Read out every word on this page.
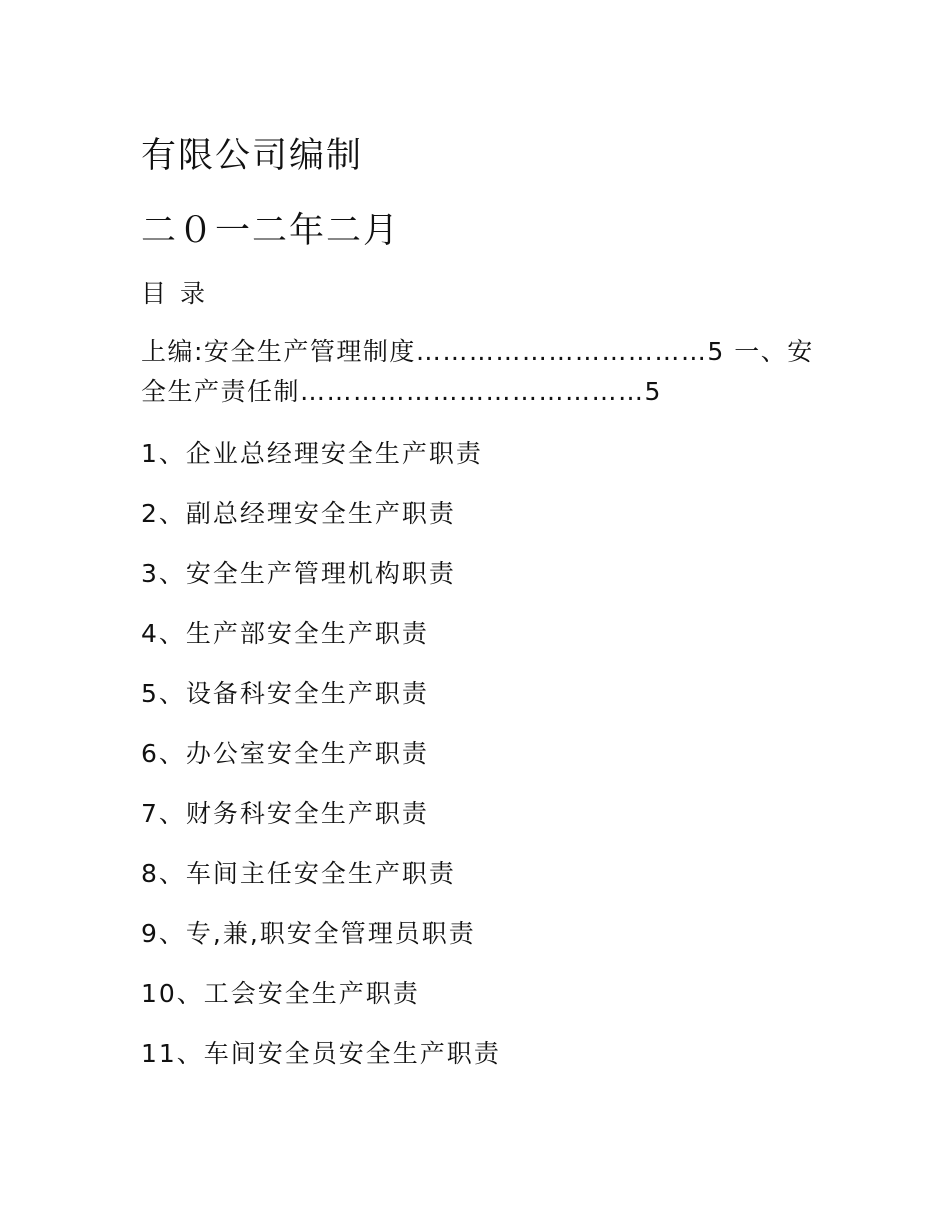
有限公司编制
二０一二年二月
目 录
上编:安全生产管理制度……………………………5 一、安
全生产责任制…………………………………5
1、企业总经理安全生产职责
2、副总经理安全生产职责
3、安全生产管理机构职责
4、生产部安全生产职责
5、设备科安全生产职责
6、办公室安全生产职责
7、财务科安全生产职责
8、车间主任安全生产职责
9、专,兼,职安全管理员职责
10、工会安全生产职责
11、车间安全员安全生产职责
